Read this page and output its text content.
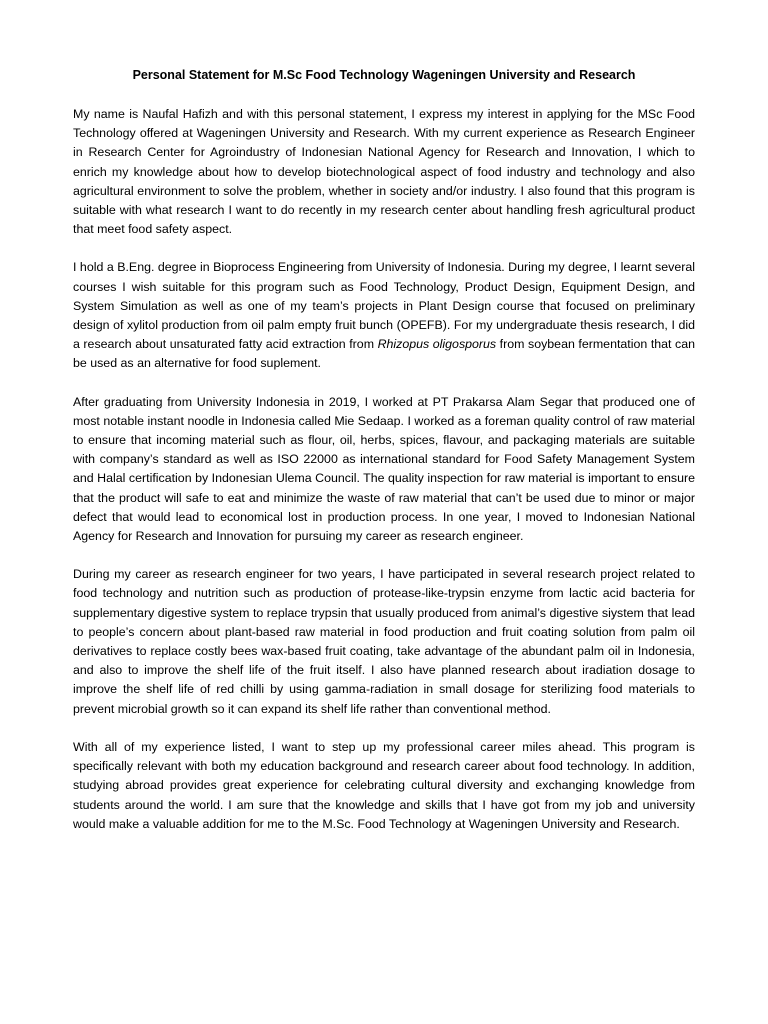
Personal Statement for M.Sc Food Technology Wageningen University and Research

My name is Naufal Hafizh and with this personal statement, I express my interest in applying for the MSc Food Technology offered at Wageningen University and Research. With my current experience as Research Engineer in Research Center for Agroindustry of Indonesian National Agency for Research and Innovation, I which to enrich my knowledge about how to develop biotechnological aspect of food industry and technology and also agricultural environment to solve the problem, whether in society and/or industry. I also found that this program is suitable with what research I want to do recently in my research center about handling fresh agricultural product that meet food safety aspect.

I hold a B.Eng. degree in Bioprocess Engineering from University of Indonesia. During my degree, I learnt several courses I wish suitable for this program such as Food Technology, Product Design, Equipment Design, and System Simulation as well as one of my team’s projects in Plant Design course that focused on preliminary design of xylitol production from oil palm empty fruit bunch (OPEFB). For my undergraduate thesis research, I did a research about unsaturated fatty acid extraction from Rhizopus oligosporus from soybean fermentation that can be used as an alternative for food suplement.

After graduating from University Indonesia in 2019, I worked at PT Prakarsa Alam Segar that produced one of most notable instant noodle in Indonesia called Mie Sedaap. I worked as a foreman quality control of raw material to ensure that incoming material such as flour, oil, herbs, spices, flavour, and packaging materials are suitable with company’s standard as well as ISO 22000 as international standard for Food Safety Management System and Halal certification by Indonesian Ulema Council. The quality inspection for raw material is important to ensure that the product will safe to eat and minimize the waste of raw material that can’t be used due to minor or major defect that would lead to economical lost in production process. In one year, I moved to Indonesian National Agency for Research and Innovation for pursuing my career as research engineer.

During my career as research engineer for two years, I have participated in several research project related to food technology and nutrition such as production of protease-like-trypsin enzyme from lactic acid bacteria for supplementary digestive system to replace trypsin that usually produced from animal’s digestive siystem that lead to people’s concern about plant-based raw material in food production and fruit coating solution from palm oil derivatives to replace costly bees wax-based fruit coating, take advantage of the abundant palm oil in Indonesia, and also to improve the shelf life of the fruit itself. I also have planned research about iradiation dosage to improve the shelf life of red chilli by using gamma-radiation in small dosage for sterilizing food materials to prevent microbial growth so it can expand its shelf life rather than conventional method.

With all of my experience listed, I want to step up my professional career miles ahead. This program is specifically relevant with both my education background and research career about food technology. In addition, studying abroad provides great experience for celebrating cultural diversity and exchanging knowledge from students around the world. I am sure that the knowledge and skills that I have got from my job and university would make a valuable addition for me to the M.Sc. Food Technology at Wageningen University and Research.
